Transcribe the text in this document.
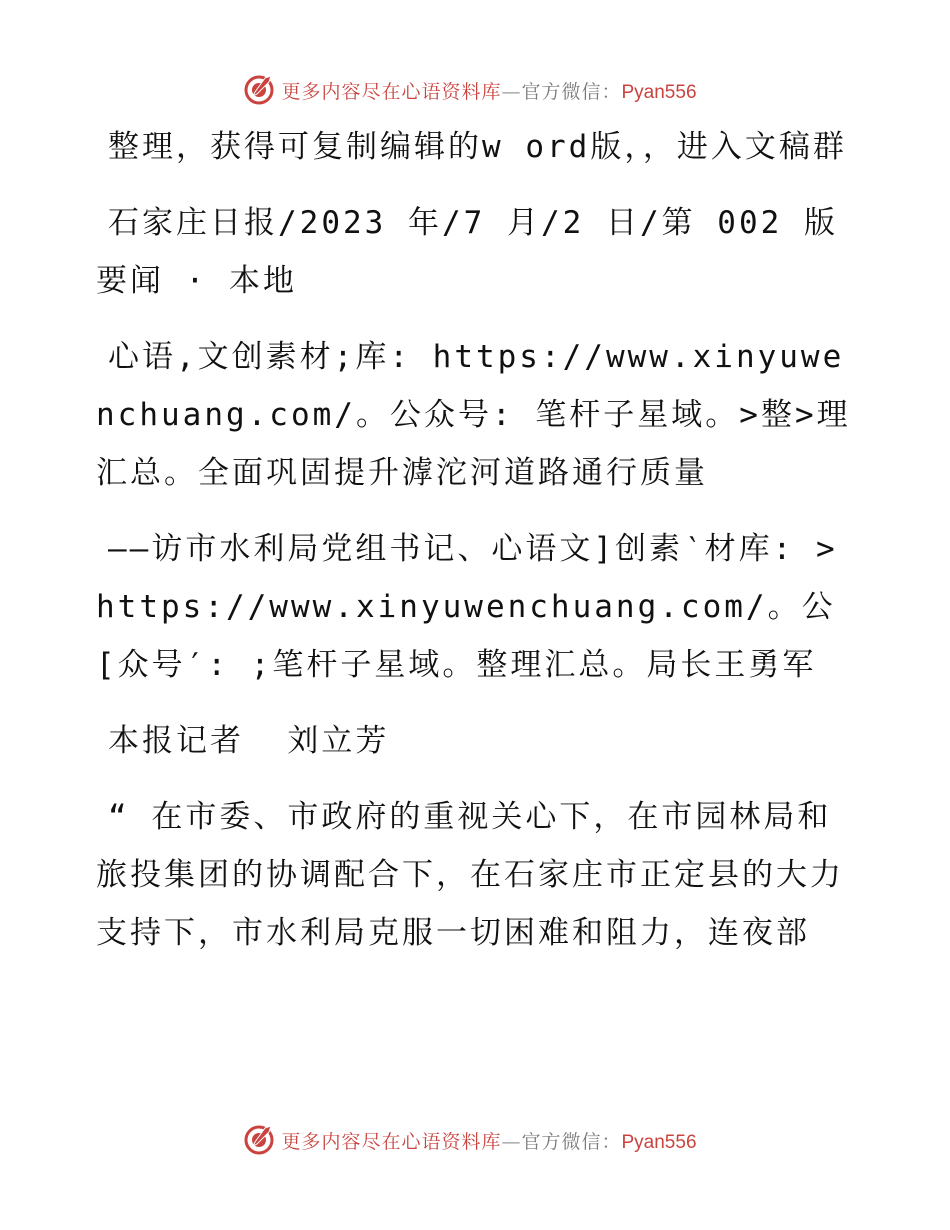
更多内容尽在心语资料库—官方微信：Pyan556

整理，获得可复制编辑的w ord版，，进入文稿群

石家庄日报/2023 年/7 月/2 日/第 002 版要闻 · 本地

心语,文创素材;库: https://www.xinyuwenchuang.com/。公众号: 笔杆子星域。>整>理汇总。全面巩固提升滹沱河道路通行质量

——访市水利局党组书记、心语文]创素‵材库: >https://www.xinyuwenchuang.com/。公[众号′: ;笔杆子星域。整理汇总。局长王勇军

本报记者  刘立芳

“ 在市委、市政府的重视关心下，在市园林局和旅投集团的协调配合下，在石家庄市正定县的大力支持下，市水利局克服一切困难和阻力，连夜部

更多内容尽在心语资料库—官方微信：Pyan556
